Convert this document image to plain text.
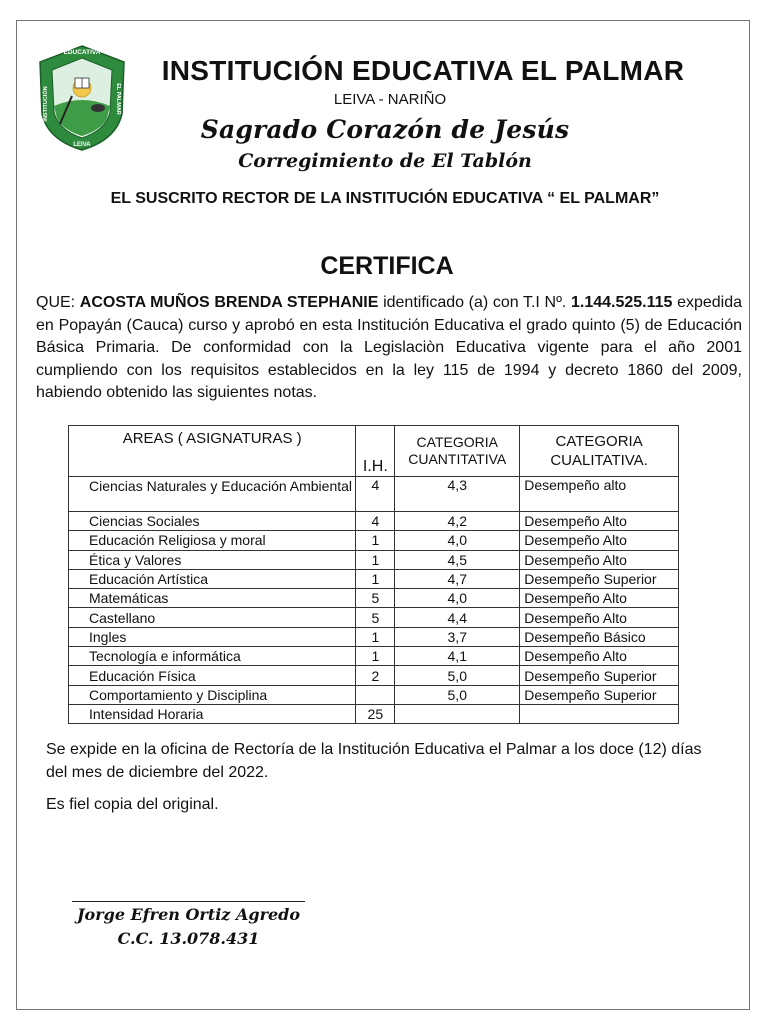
EDUCATIVA
INSTITUCIÓN	EL PALMAR
LEIVA
INSTITUCIÓN EDUCATIVA EL PALMAR
LEIVA - NARIÑO
Sagrado Corazón de Jesús
Corregimiento de El Tablón
EL SUSCRITO RECTOR DE LA INSTITUCIÓN EDUCATIVA “ EL PALMAR”
CERTIFICA
QUE: ACOSTA MUÑOS BRENDA STEPHANIE identificado (a) con T.I Nº. 1.144.525.115 expedida en Popayán (Cauca) curso y aprobó en esta Institución Educativa el grado quinto (5) de Educación Básica Primaria. De conformidad con la Legislaciòn Educativa vigente para el año 2001 cumpliendo con los requisitos establecidos en la ley 115 de 1994 y decreto 1860 del 2009, habiendo obtenido las siguientes notas.
AREAS ( ASIGNATURAS )	I.H.	CATEGORIA CUANTITATIVA	CATEGORIA CUALITATIVA.
Ciencias Naturales y Educación Ambiental	4	4,3	Desempeño alto
Ciencias Sociales	4	4,2	Desempeño Alto
Educación Religiosa y moral	1	4,0	Desempeño Alto
Ética y Valores	1	4,5	Desempeño Alto
Educación Artística	1	4,7	Desempeño Superior
Matemáticas	5	4,0	Desempeño Alto
Castellano	5	4,4	Desempeño Alto
Ingles	1	3,7	Desempeño Básico
Tecnología e informática	1	4,1	Desempeño Alto
Educación Física	2	5,0	Desempeño Superior
Comportamiento y Disciplina		5,0	Desempeño Superior
Intensidad Horaria	25		
Se expide en la oficina de Rectoría de la Institución Educativa el Palmar a los doce (12) días del mes de diciembre del 2022.
Es fiel copia del original.
Jorge Efren Ortiz Agredo
C.C. 13.078.431
